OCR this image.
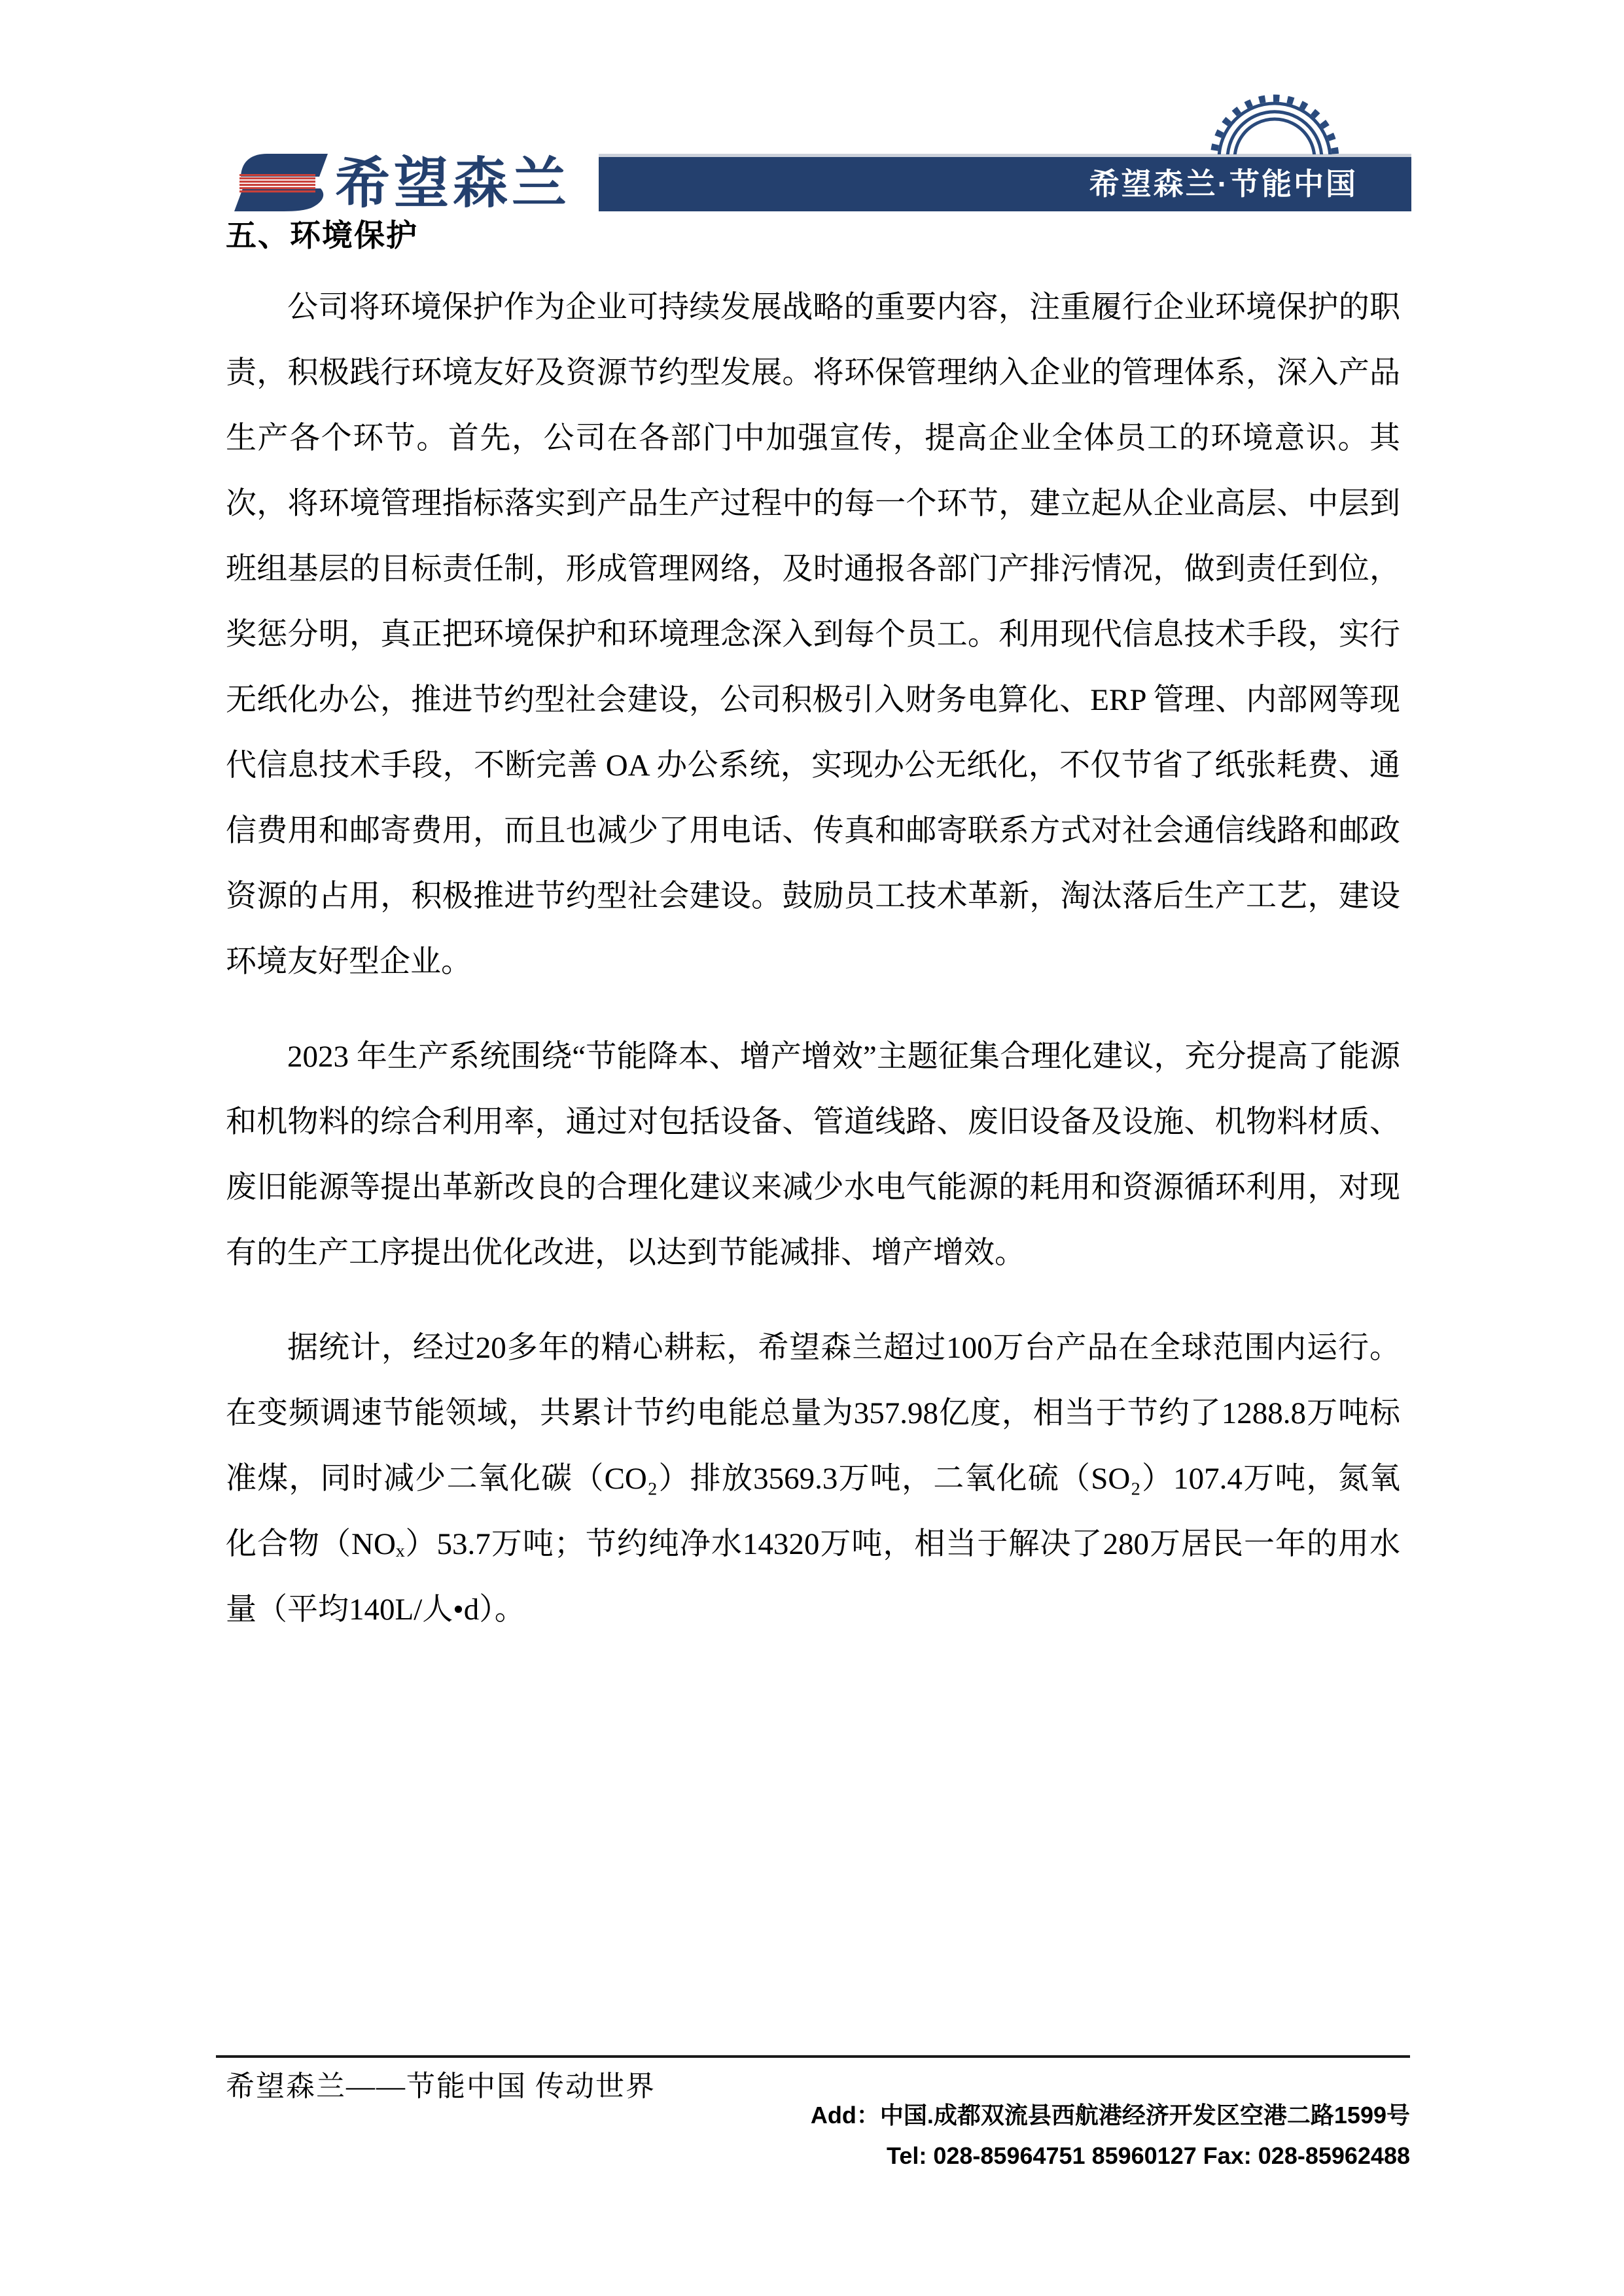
希望森兰	希望森兰·节能中国
五、环境保护

公司将环境保护作为企业可持续发展战略的重要内容，注重履行企业环境保护的职责，积极践行环境友好及资源节约型发展。将环保管理纳入企业的管理体系，深入产品生产各个环节。首先，公司在各部门中加强宣传，提高企业全体员工的环境意识。其次，将环境管理指标落实到产品生产过程中的每一个环节，建立起从企业高层、中层到班组基层的目标责任制，形成管理网络，及时通报各部门产排污情况，做到责任到位，奖惩分明，真正把环境保护和环境理念深入到每个员工。利用现代信息技术手段，实行无纸化办公，推进节约型社会建设，公司积极引入财务电算化、ERP 管理、内部网等现代信息技术手段，不断完善 OA 办公系统，实现办公无纸化，不仅节省了纸张耗费、通信费用和邮寄费用，而且也减少了用电话、传真和邮寄联系方式对社会通信线路和邮政资源的占用，积极推进节约型社会建设。鼓励员工技术革新，淘汰落后生产工艺，建设环境友好型企业。

2023 年生产系统围绕“节能降本、增产增效”主题征集合理化建议，充分提高了能源和机物料的综合利用率，通过对包括设备、管道线路、废旧设备及设施、机物料材质、废旧能源等提出革新改良的合理化建议来减少水电气能源的耗用和资源循环利用，对现有的生产工序提出优化改进，以达到节能减排、增产增效。

据统计，经过20多年的精心耕耘，希望森兰超过100万台产品在全球范围内运行。在变频调速节能领域，共累计节约电能总量为357.98亿度，相当于节约了1288.8万吨标准煤，同时减少二氧化碳（CO₂）排放3569.3万吨，二氧化硫（SO₂）107.4万吨，氮氧化合物（NOₓ）53.7万吨；节约纯净水14320万吨，相当于解决了280万居民一年的用水量（平均140L/人•d）。

希望森兰——节能中国 传动世界
Add：中国.成都双流县西航港经济开发区空港二路1599号
Tel: 028-85964751 85960127 Fax: 028-85962488
